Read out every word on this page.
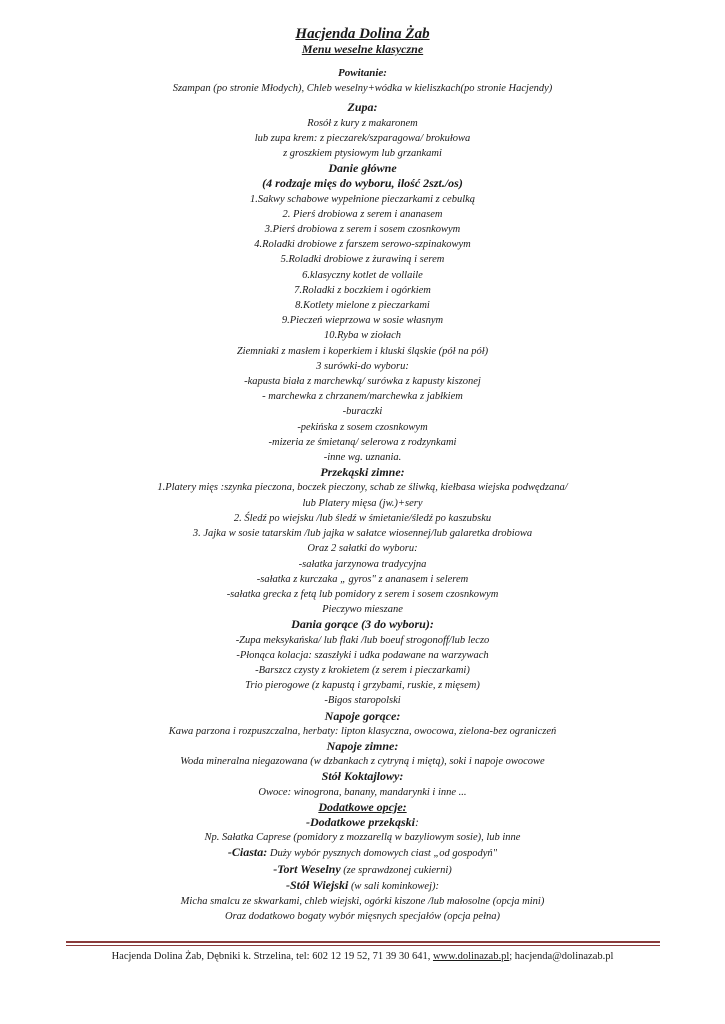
Hacjenda Dolina Żab
Menu weselne klasyczne
Powitanie:
Szampan (po stronie Młodych), Chleb weselny+wódka w kieliszkach(po stronie Hacjendy)
Zupa:
Rosół z kury z makaronem
lub zupa krem: z pieczarek/szparagowa/ brokułowa
z groszkiem ptysiowym lub grzankami
Danie główne
(4 rodzaje mięs do wyboru, ilość 2szt./os)
1.Sakwy schabowe wypełnione pieczarkami z cebulką
2. Pierś drobiowa z serem i ananasem
3.Pierś drobiowa z serem i sosem czosnkowym
4.Roladki drobiowe z farszem serowo-szpinakowym
5.Roladki drobiowe z żurawiną i serem
6.klasyczny kotlet de vollaile
7.Roladki z boczkiem i ogórkiem
8.Kotlety mielone z pieczarkami
9.Pieczeń wieprzowa w sosie własnym
10.Ryba w ziołach
Ziemniaki z masłem i koperkiem i kluski śląskie (pół na pół)
3 surówki-do wyboru:
-kapusta biała z marchewką/ surówka z kapusty kiszonej
- marchewka z chrzanem/marchewka z jabłkiem
-buraczki
-pekińska z sosem czosnkowym
-mizeria ze śmietaną/ selerowa z rodzynkami
-inne wg. uznania.
Przekąski zimne:
1.Platery mięs :szynka pieczona, boczek pieczony, schab ze śliwką, kiełbasa wiejska podwędzana/
lub Platery mięsa (jw.)+sery
2. Śledź po wiejsku /lub śledź w śmietanie/śledź po kaszubsku
3. Jajka w sosie tatarskim /lub jajka w sałatce wiosennej/lub galaretka drobiowa
Oraz 2 sałatki do wyboru:
-sałatka jarzynowa tradycyjna
-sałatka z kurczaka „ gyros" z ananasem i selerem
-sałatka grecka z fetą lub pomidory z serem i sosem czosnkowym
Pieczywo mieszane
Dania gorące (3 do wyboru):
-Zupa meksykańska/ lub flaki /lub boeuf strogonoff/lub leczo
-Płonąca kolacja: szaszłyki i udka podawane na warzywach
-Barszcz czysty z krokietem (z serem i pieczarkami)
Trio pierogowe (z kapustą i grzybami, ruskie, z mięsem)
-Bigos staropolski
Napoje gorące:
Kawa parzona i rozpuszczalna, herbaty: lipton klasyczna, owocowa, zielona-bez ograniczeń
Napoje zimne:
Woda mineralna niegazowana (w dzbankach z cytryną i miętą), soki i napoje owocowe
Stół Koktajlowy:
Owoce: winogrona, banany, mandarynki i inne ...
Dodatkowe opcje:
-Dodatkowe przekąski:
Np. Sałatka Caprese (pomidory z mozzarellą w bazyliowym sosie), lub inne
-Ciasta: Duży wybór pysznych domowych ciast „od gospodyń"
-Tort Weselny (ze sprawdzonej cukierni)
-Stół Wiejski (w sali kominkowej):
Micha smalcu ze skwarkami, chleb wiejski, ogórki kiszone /lub małosolne (opcja mini)
Oraz dodatkowo bogaty wybór mięsnych specjałów (opcja pełna)
Hacjenda Dolina Żab, Dębniki k. Strzelina, tel: 602 12 19 52, 71 39 30 641, www.dolinazab.pl; hacjenda@dolinazab.pl
